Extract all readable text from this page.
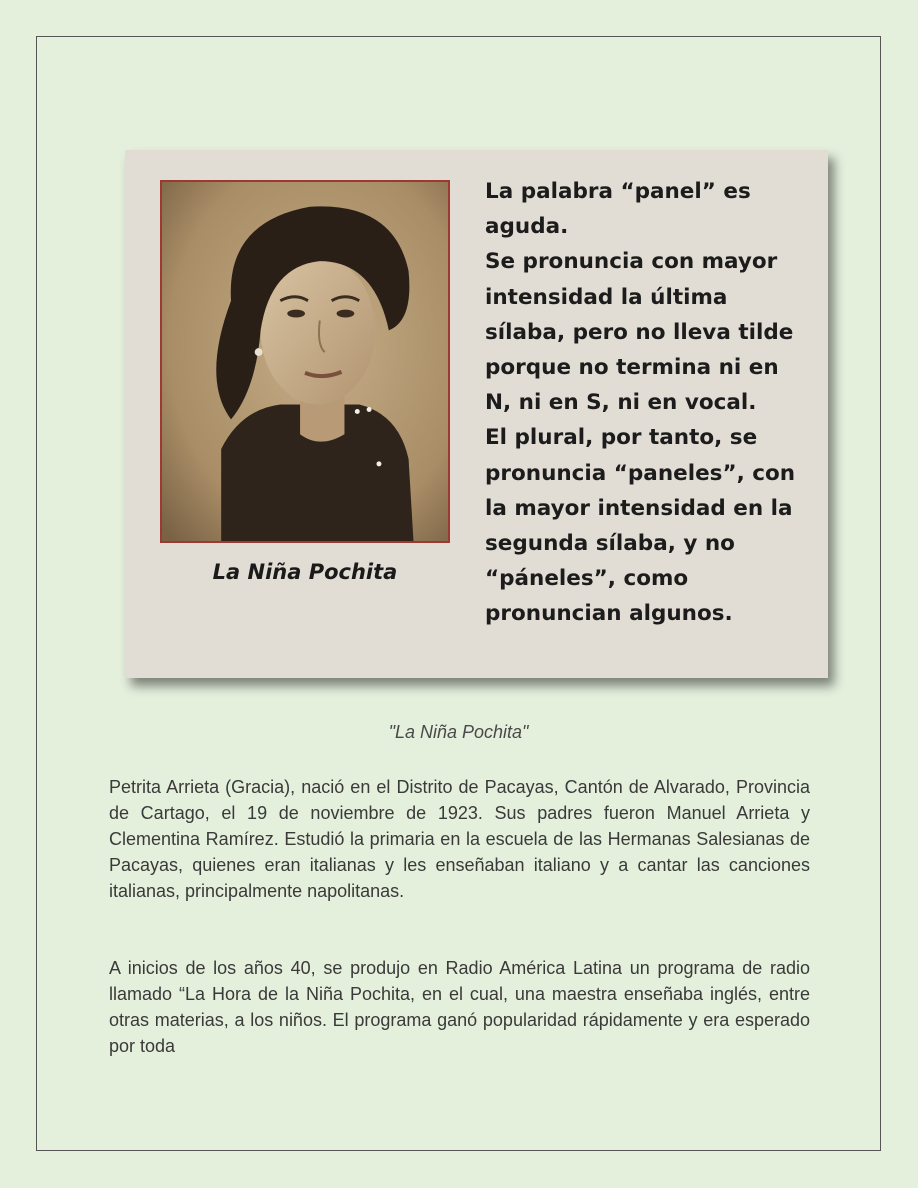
La Niña Pochita

La palabra “panel” es aguda.

Se pronuncia con mayor intensidad la última sílaba, pero no lleva tilde porque no termina ni en N, ni en S, ni en vocal.

El plural, por tanto, se pronuncia “paneles”, con la mayor intensidad en la segunda sílaba, y no “páneles”, como pronuncian algunos.

"La Niña Pochita"

Petrita Arrieta (Gracia), nació en el Distrito de Pacayas, Cantón de Alvarado, Provincia de Cartago, el 19 de noviembre de 1923. Sus padres fueron Manuel Arrieta y Clementina Ramírez. Estudió la primaria en la escuela de las Hermanas Salesianas de Pacayas, quienes eran italianas y les enseñaban italiano y a cantar las canciones italianas, principalmente napolitanas.

A inicios de los años 40, se produjo en Radio América Latina un programa de radio llamado “La Hora de la Niña Pochita, en el cual, una maestra enseñaba inglés, entre otras materias, a los niños. El programa ganó popularidad rápidamente y era esperado por toda
